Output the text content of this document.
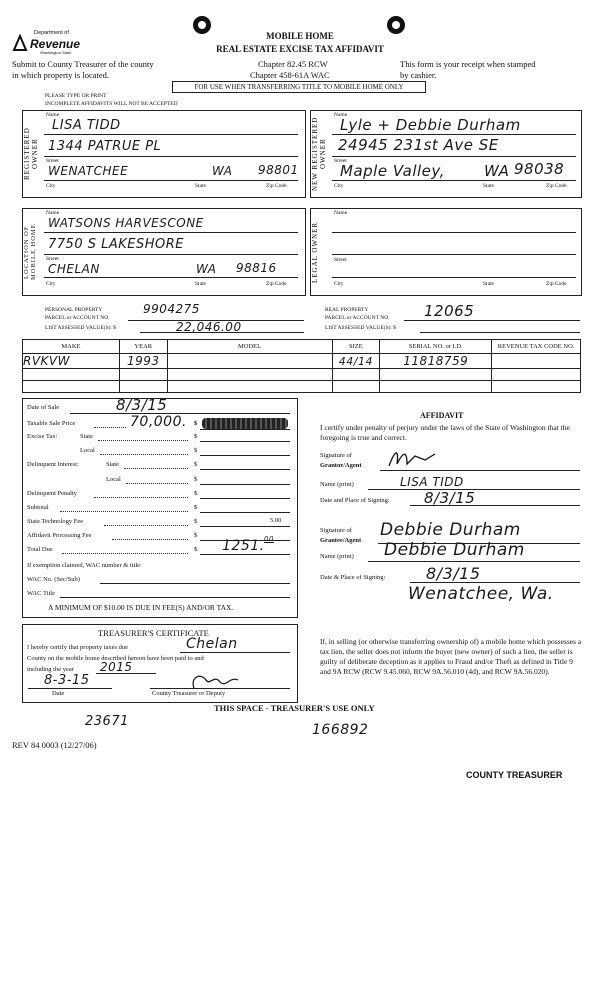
Department of
Revenue
Washington State
MOBILE HOME
REAL ESTATE EXCISE TAX AFFIDAVIT
Submit to County Treasurer of the county
in which property is located.
Chapter 82.45 RCW
Chapter 458-61A WAC
This form is your receipt when stamped
by cashier.
FOR USE WHEN TRANSFERRING TITLE TO MOBILE HOME ONLY
PLEASE TYPE OR PRINT
INCOMPLETE AFFIDAVITS WILL NOT BE ACCEPTED
REGISTERED OWNER
Name
LISA TIDD
1344 PATRUE PL
Street
WENATCHEE	WA 98801
City	State	Zip Code	NEW REGISTERED OWNER
Name
Lyle + Debbie Durham
Street
24945 231st Ave SE
Maple Valley,	WA 98038
City	State	Zip Code
LOCATION OF MOBILE HOME
Name
WATSONS HARVESCONE
7750 S LAKESHORE
Street
CHELAN	WA 98816
City	State	Zip Code
LEGAL OWNER
Name
Street
City	State	Zip Code
PERSONAL PROPERTY
PARCEL or ACCOUNT NO.
9904275
LIST ASSESSED VALUE(S): $	22,046.00
REAL PROPERTY
PARCEL or ACCOUNT NO. 12065
LIST ASSESSED VALUE(S): $
MAKE	YEAR	MODEL	SIZE	SERIAL NO. or I.D.	REVENUE TAX CODE NO.
RVKVW	1993		44/14	11818759	

Date of Sale	8/3/15
Taxable Sale Price	70,000. $
Excise Tax:	State	$
Local	$
Delinquent Interest:	State	$
Local	$
Delinquent Penalty	$
Subtotal	$
State Technology Fee	$	5.00
Affidavit Processing Fee	$
Total Due	$ 1251. 00
If exemption claimed, WAC number & title:
WAC No. (Sec/Sub)
WAC Title
A MINIMUM OF $10.00 IS DUE IN FEE(S) AND/OR TAX.
AFFIDAVIT
I certify under penalty of perjury under the laws of the State of Washington that the foregoing is true and correct.
Signature of
Grantor/Agent
Name (print)	LISA TIDD
Date and Place of Signing: 8/3/15
Signature of
Grantee/Agent
Debbie Durham
Name (print) Debbie Durham
Date & Place of Signing:	8/3/15
Wenatchee, Wa.
TREASURER'S CERTIFICATE
I hereby certify that property taxes due	Chelan
County on the mobile home described hereon have been paid to and
including the year 2015
8-3-15
Date	County Treasurer or Deputy
If, in selling (or otherwise transferring ownership of) a mobile home which possesses a tax lien, the seller does not inform the buyer (new owner) of such a lien, the seller is guilty of deliberate deception as it applies to Fraud and/or Theft as defined in Title 9 and 9A RCW (RCW 9.45.060, RCW 9A.56.010 (4d), and RCW 9A.56.020).
THIS SPACE - TREASURER'S USE ONLY
23671
166892
REV 84 0003 (12/27/06)
COUNTY TREASURER
